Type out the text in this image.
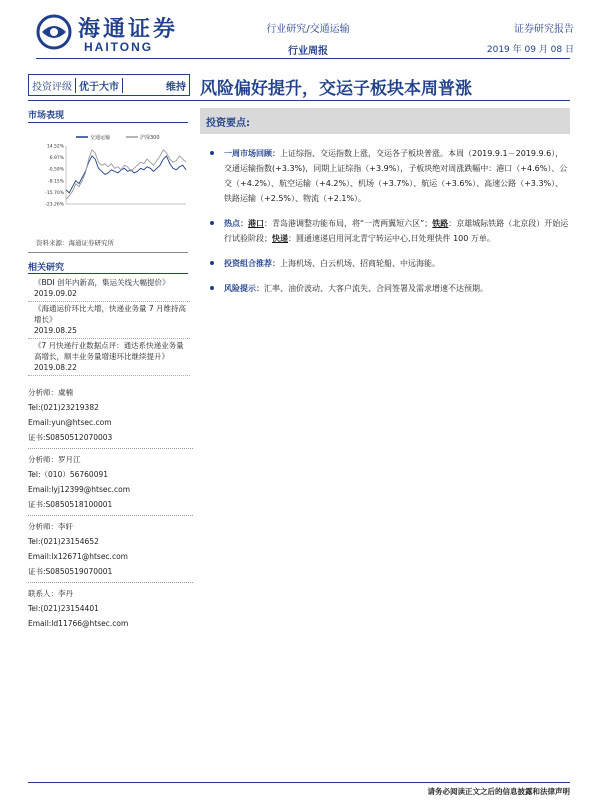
海通证券
HAITONG
行业研究/交通运输	证券研究报告
行业周报	2019 年 09 月 08 日
投资评级 优于大市	维持 风险偏好提升，交运子板块本周普涨
市场表现
交通运输	沪深300
14.52%
6.97%
-0.59%
-8.15%
-15.70%
-23.26%
资料来源：海通证券研究所
相关研究
《BDI 创年内新高，集运关线大幅提价》
2019.09.02
《海通运价环比大增，快递业务量 7 月维持高增长》
2019.08.25
《7 月快递行业数据点评：通达系快递业务量高增长，顺丰业务量增速环比继续提升》
2019.08.22
分析师：虞楠
Tel:(021)23219382
Email:yun@htsec.com
证书:S0850512070003
分析师：罗月江
Tel:（010）56760091
Email:lyj12399@htsec.com
证书:S0850518100001
分析师：李轩
Tel:(021)23154652
Email:lx12671@htsec.com
证书:S0850519070001
联系人：李丹
Tel:(021)23154401
Email:ld11766@htsec.com
投资要点:
一周市场回顾：上证综指、交运指数上涨，交运各子板块普涨。本周（2019.9.1－2019.9.6），交通运输指数(+3.3%)，同期上证综指（+3.9%），子板块绝对周涨跌幅中：港口（+4.6%）、公交（+4.2%）、航空运输（+4.2%）、机场（+3.7%）、航运（+3.6%）、高速公路（+3.3%）、铁路运输（+2.5%）、物流（+2.1%）。
热点：港口：青岛港调整功能布局，将“一湾两翼短六区”；铁路：京雄城际铁路（北京段）开始运行试验阶段；快递：圆通速递启用河北青宁转运中心,日处理快件 100 万单。
投资组合推荐：上海机场、白云机场、招商轮船、中远海能。
风险提示：汇率、油价波动、大客户流失、合同签署及需求增速不达预期。
请务必阅读正文之后的信息披露和法律声明
